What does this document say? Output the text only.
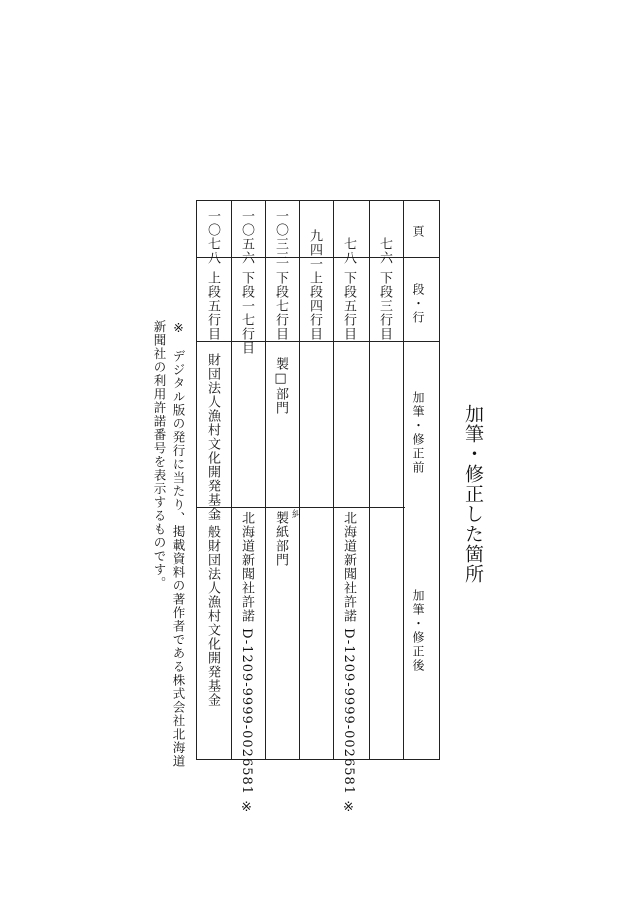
加筆・修正した箇所
頁
段・行
加筆・修正前
加筆・修正後
七六
下段三行目
七八
下段五行目
北海道新聞社許諾 D-1209-9999-0026581 ※
九四一
上段四行目
一〇三三
下段七行目
製□部門
製紙部門 糾
一〇五六
下段一七行目
北海道新聞社許諾 D-1209-9999-0026581 ※
一〇七八
上段五行目
財団法人漁村文化開発基金
一般財団法人漁村文化開発基金
※　デジタル版の発行に当たり、掲載資料の著作者である株式会社北海道新聞社の利用許諾番号を表示するものです。
